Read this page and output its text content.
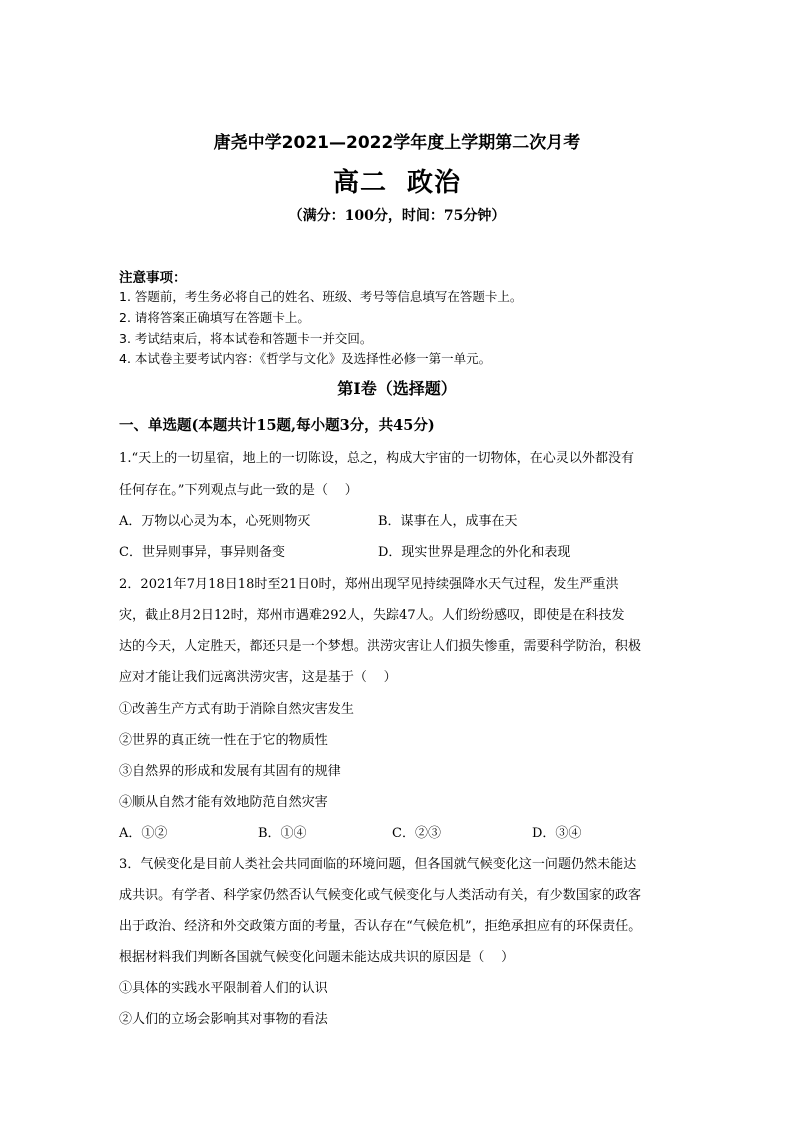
唐尧中学2021—2022学年度上学期第二次月考
高二  政治
（满分：100分，时间：75分钟）
注意事项：
1. 答题前，考生务必将自己的姓名、班级、考号等信息填写在答题卡上。
2. 请将答案正确填写在答题卡上。
3. 考试结束后，将本试卷和答题卡一并交回。
4. 本试卷主要考试内容：《哲学与文化》及选择性必修一第一单元。
第Ⅰ卷（选择题）
一、单选题(本题共计15题,每小题3分，共45分)
1.“天上的一切星宿，地上的一切陈设，总之，构成大宇宙的一切物体，在心灵以外都没有
任何存在。”下列观点与此一致的是（    ）
A．万物以心灵为本，心死则物灭	B．谋事在人，成事在天
C．世异则事异，事异则备变	D．现实世界是理念的外化和表现
2．2021年7月18日18时至21日0时，郑州出现罕见持续强降水天气过程，发生严重洪
灾，截止8月2日12时，郑州市遇难292人，失踪47人。人们纷纷感叹，即使是在科技发
达的今天，人定胜天，都还只是一个梦想。洪涝灾害让人们损失惨重，需要科学防治，积极
应对才能让我们远离洪涝灾害，这是基于（    ）
①改善生产方式有助于消除自然灾害发生
②世界的真正统一性在于它的物质性
③自然界的形成和发展有其固有的规律
④顺从自然才能有效地防范自然灾害
A．①②	B．①④	C．②③	D．③④
3．气候变化是目前人类社会共同面临的环境问题，但各国就气候变化这一问题仍然未能达
成共识。有学者、科学家仍然否认气候变化或气候变化与人类活动有关，有少数国家的政客
出于政治、经济和外交政策方面的考量，否认存在“气候危机”，拒绝承担应有的环保责任。
根据材料我们判断各国就气候变化问题未能达成共识的原因是（    ）
①具体的实践水平限制着人们的认识
②人们的立场会影响其对事物的看法
